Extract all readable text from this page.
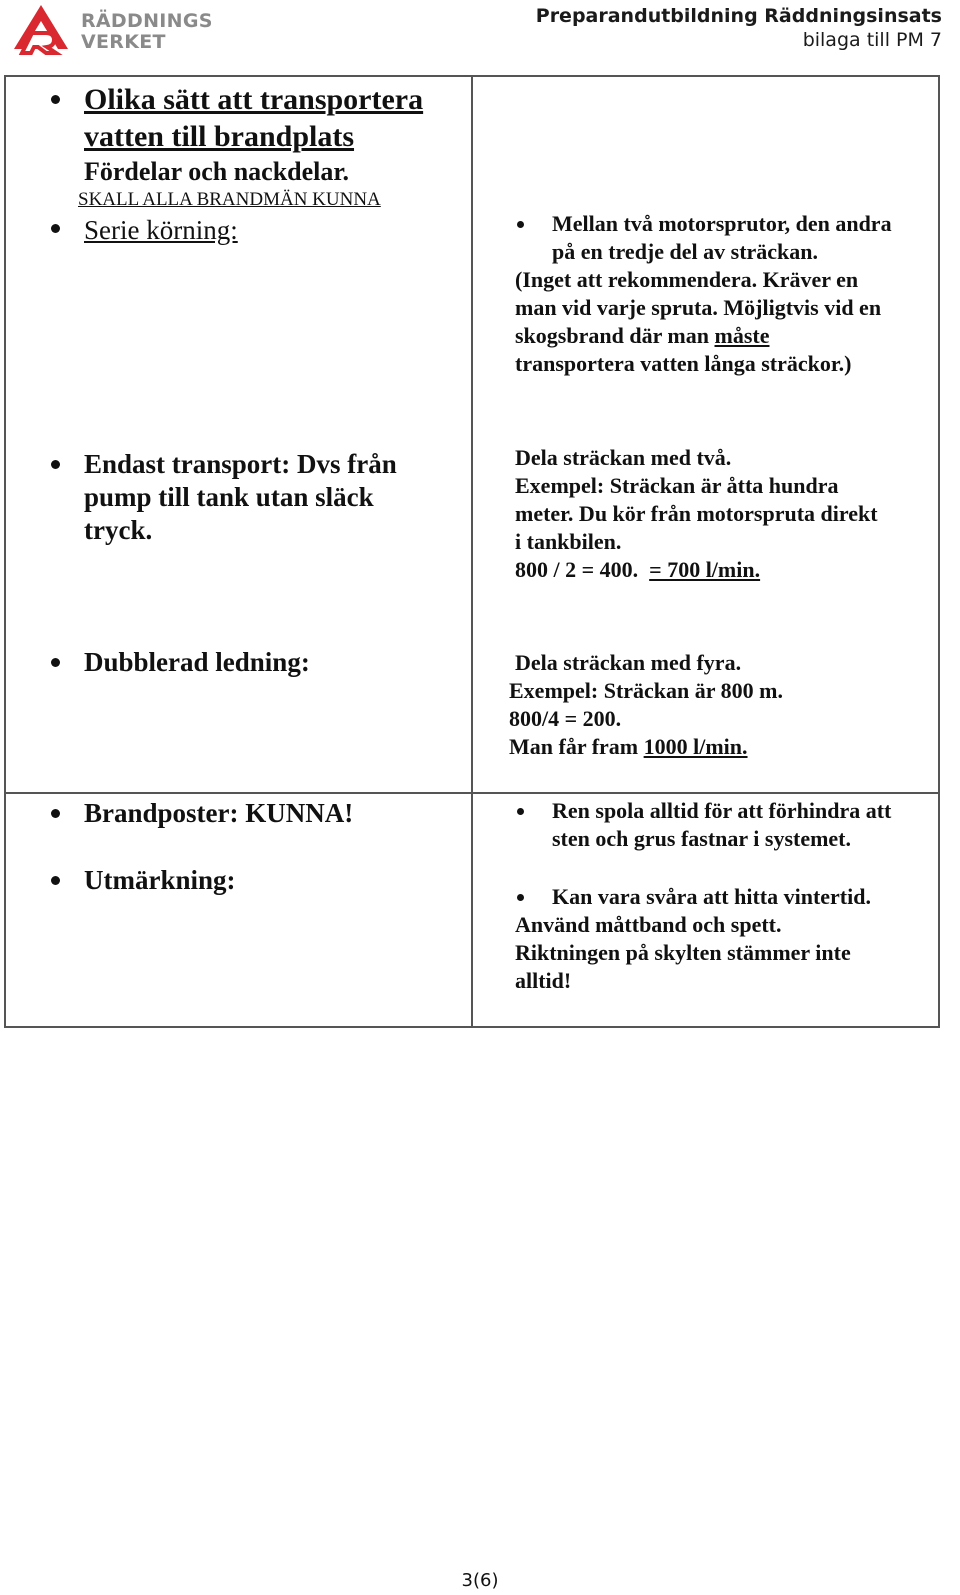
RÄDDNINGS
VERKET
Preparandutbildning Räddningsinsats
bilaga till PM 7
Olika sätt att transportera
vatten till brandplats
Fördelar och nackdelar.
SKALL ALLA BRANDMÄN KUNNA
Serie körning:
Endast transport: Dvs från
pump till tank utan släck
tryck.
Dubblerad ledning:
Brandposter: KUNNA!
Utmärkning:
Mellan två motorsprutor, den andra
på en tredje del av sträckan.
(Inget att rekommendera. Kräver en
man vid varje spruta. Möjligtvis vid en
skogsbrand där man måste
transportera vatten långa sträckor.)
Dela sträckan med två.
Exempel: Sträckan är åtta hundra
meter. Du kör från motorspruta direkt
i tankbilen.
800 / 2 = 400.  = 700 l/min.
Dela sträckan med fyra.
Exempel: Sträckan är 800 m.
800/4 = 200.
Man får fram 1000 l/min.
Ren spola alltid för att förhindra att
sten och grus fastnar i systemet.
Kan vara svåra att hitta vintertid.
Använd måttband och spett.
Riktningen på skylten stämmer inte
alltid!
3(6)
